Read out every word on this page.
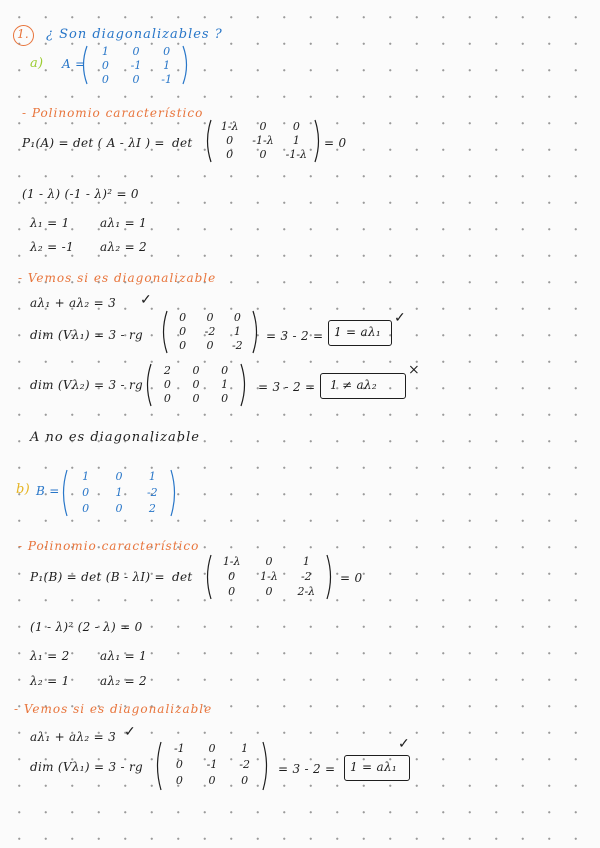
1. ¿ Son diagonalizables ?
a) A =
1	0	0
0	-1	1
0	0	-1
- Polinomio característico
P₁(A) = det ( A - λI ) = det
1-λ	0	0
0	-1-λ	1
0	0	-1-λ
= 0
(1 - λ) (-1 - λ)² = 0
λ₁ = 1	aλ₁ = 1
λ₂ = -1 aλ₂ = 2
- Vemos si es diagonalizable
aλ₁ + aλ₂ = 3 ✓
dim (Vλ₁) = 3 - rg
0	0	0
0	-2	1
0	0	-2
= 3 - 2 = 1 = aλ₁
✓
dim (Vλ₂) = 3 - rg
2	0	0
0	0	1
0	0	0
= 3 - 2 = 1 ≠ aλ₂
×
A no es diagonalizable
b) B =
1	0	1
0	1	-2
0	0	2
- Polinomio característico
P₁(B) = det (B - λI) = det
1-λ	0	1
0	1-λ	-2
0	0	2-λ
= 0
(1 - λ)² (2 - λ) = 0
λ₁ = 2	aλ₁ = 1
λ₂ = 1	aλ₂ = 2
- Vemos si es diagonalizable
aλ₁ + aλ₂ = 3 ✓
dim (Vλ₁) = 3 - rg
-1	0	1
0	-1	-2
0	0	0
= 3 - 2 = 1 = aλ₁
✓
